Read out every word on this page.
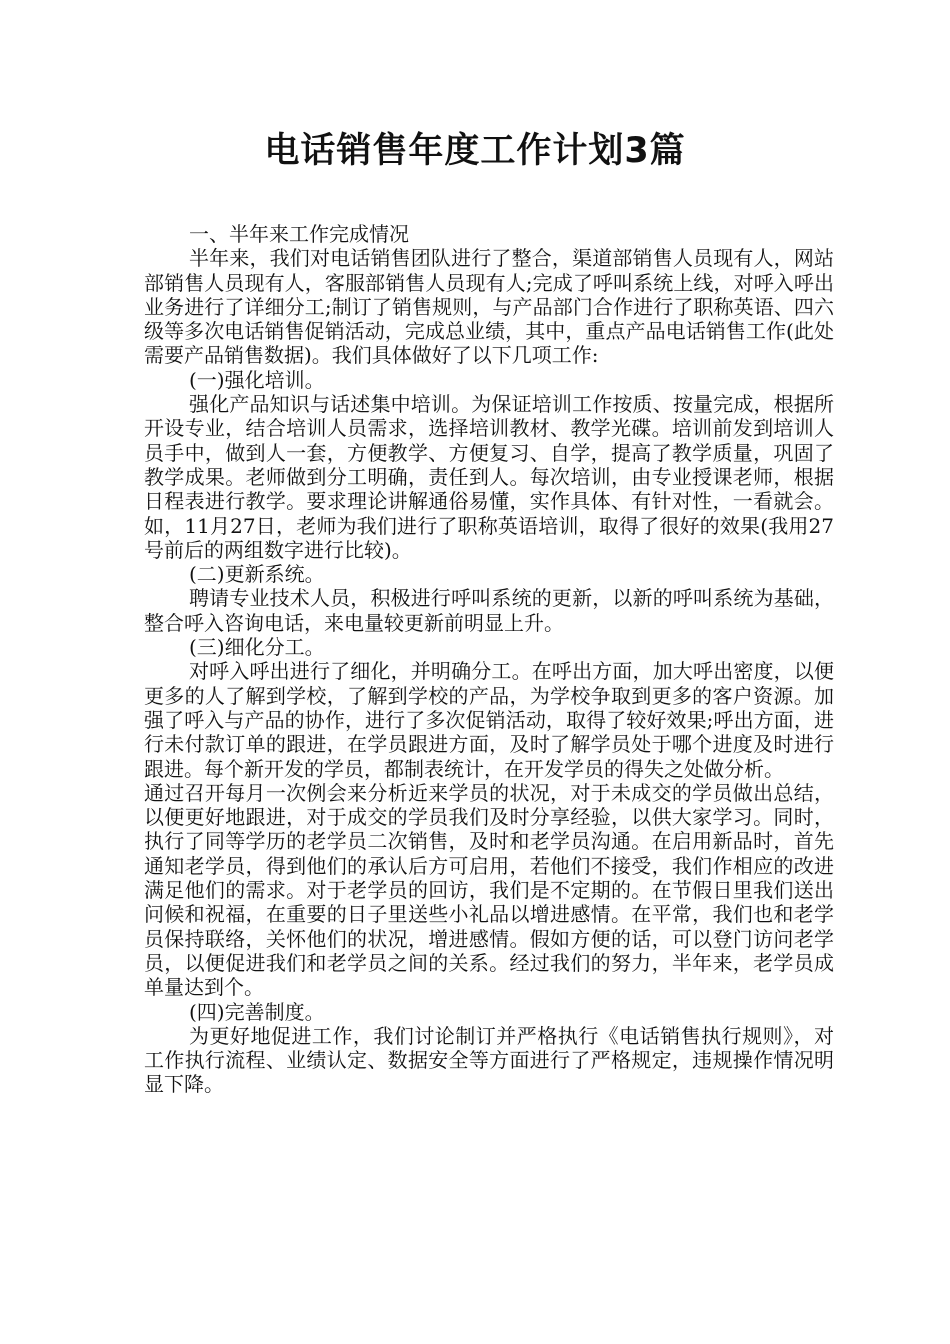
电话销售年度工作计划3篇

一、半年来工作完成情况

半年来，我们对电话销售团队进行了整合，渠道部销售人员现有人，网站部销售人员现有人，客服部销售人员现有人;完成了呼叫系统上线，对呼入呼出业务进行了详细分工;制订了销售规则，与产品部门合作进行了职称英语、四六级等多次电话销售促销活动，完成总业绩，其中，重点产品电话销售工作(此处需要产品销售数据)。我们具体做好了以下几项工作:

(一)强化培训。

强化产品知识与话述集中培训。为保证培训工作按质、按量完成，根据所开设专业，结合培训人员需求，选择培训教材、教学光碟。培训前发到培训人员手中，做到人一套，方便教学、方便复习、自学，提高了教学质量，巩固了教学成果。老师做到分工明确，责任到人。每次培训，由专业授课老师，根据日程表进行教学。要求理论讲解通俗易懂，实作具体、有针对性，一看就会。如，11月27日，老师为我们进行了职称英语培训，取得了很好的效果(我用27号前后的两组数字进行比较)。

(二)更新系统。

聘请专业技术人员，积极进行呼叫系统的更新，以新的呼叫系统为基础，整合呼入咨询电话，来电量较更新前明显上升。

(三)细化分工。

对呼入呼出进行了细化，并明确分工。在呼出方面，加大呼出密度，以便更多的人了解到学校，了解到学校的产品，为学校争取到更多的客户资源。加强了呼入与产品的协作，进行了多次促销活动，取得了较好效果;呼出方面，进行未付款订单的跟进，在学员跟进方面，及时了解学员处于哪个进度及时进行跟进。每个新开发的学员，都制表统计，在开发学员的得失之处做分析。

通过召开每月一次例会来分析近来学员的状况，对于未成交的学员做出总结，以便更好地跟进，对于成交的学员我们及时分享经验，以供大家学习。同时，执行了同等学历的老学员二次销售，及时和老学员沟通。在启用新品时，首先通知老学员，得到他们的承认后方可启用，若他们不接受，我们作相应的改进满足他们的需求。对于老学员的回访，我们是不定期的。在节假日里我们送出问候和祝福，在重要的日子里送些小礼品以增进感情。在平常，我们也和老学员保持联络，关怀他们的状况，增进感情。假如方便的话，可以登门访问老学员，以便促进我们和老学员之间的关系。经过我们的努力，半年来，老学员成单量达到个。

(四)完善制度。

为更好地促进工作，我们讨论制订并严格执行《电话销售执行规则》，对工作执行流程、业绩认定、数据安全等方面进行了严格规定，违规操作情况明显下降。
